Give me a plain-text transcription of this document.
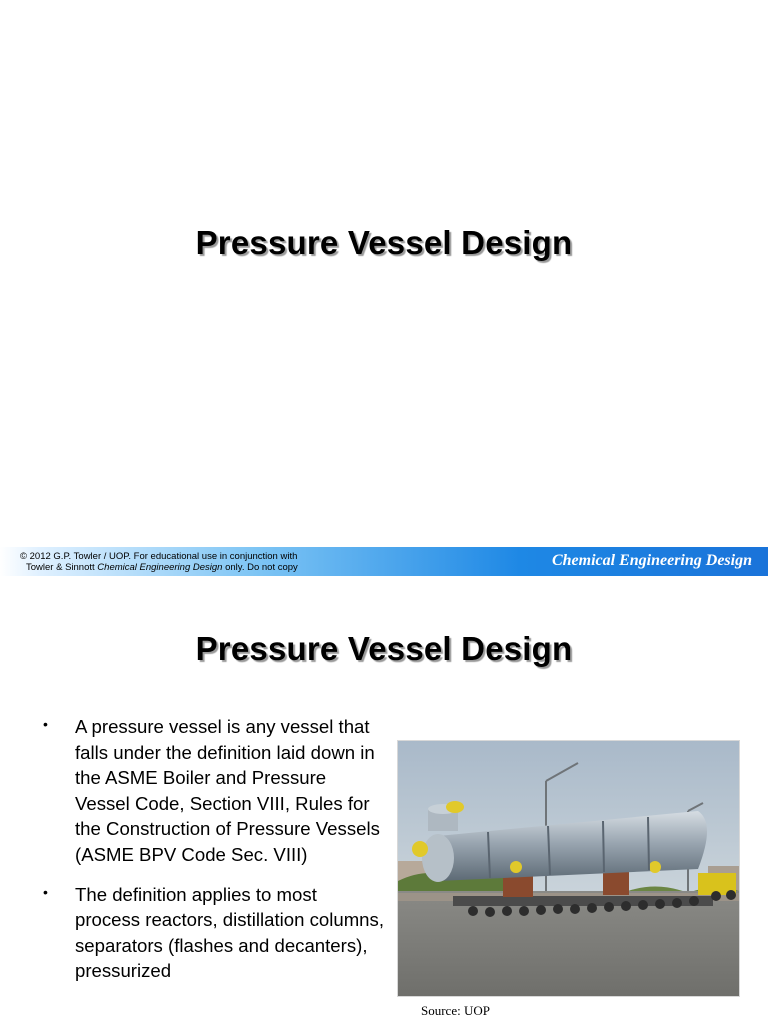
Pressure Vessel Design
© 2012 G.P. Towler / UOP. For educational use in conjunction with
Towler & Sinnott Chemical Engineering Design only. Do not copy	Chemical Engineering Design
Pressure Vessel Design
• A pressure vessel is any vessel that falls under the definition laid down in the ASME Boiler and Pressure Vessel Code, Section VIII, Rules for the Construction of Pressure Vessels (ASME BPV Code Sec. VIII)
• The definition applies to most process reactors, distillation columns, separators (flashes and decanters), pressurized
Source: UOP
